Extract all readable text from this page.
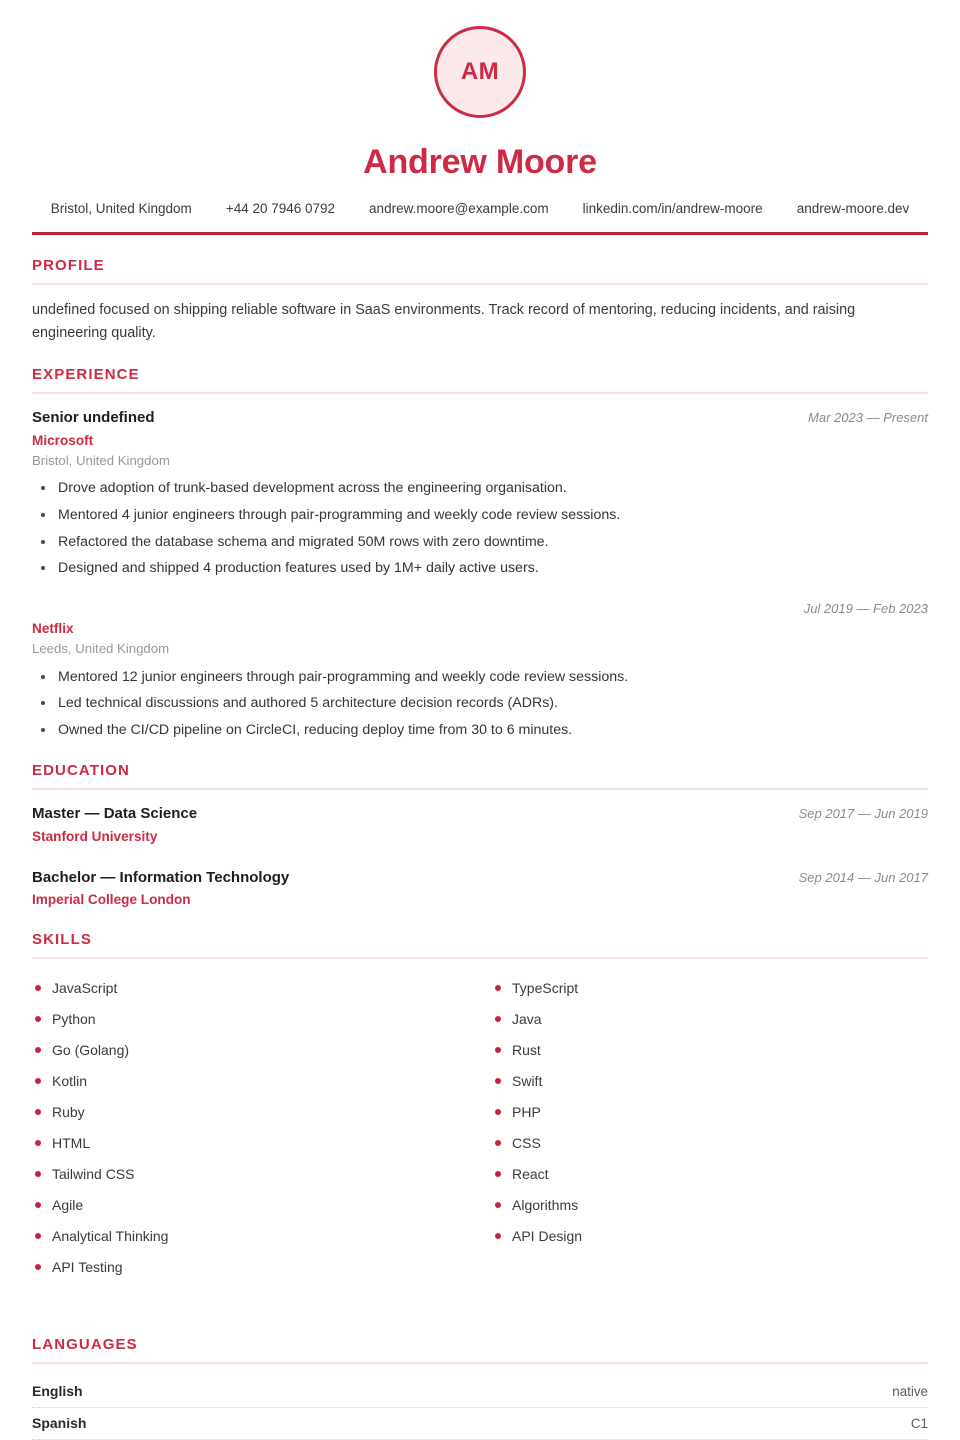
AM
Andrew Moore
Bristol, United Kingdom	+44 20 7946 0792	andrew.moore@example.com	linkedin.com/in/andrew-moore	andrew-moore.dev
PROFILE

undefined focused on shipping reliable software in SaaS environments. Track record of mentoring, reducing incidents, and raising engineering quality.

EXPERIENCE
Senior undefined	Mar 2023 — Present
Microsoft
Bristol, United Kingdom
Drove adoption of trunk-based development across the engineering organisation.
Mentored 4 junior engineers through pair-programming and weekly code review sessions.
Refactored the database schema and migrated 50M rows with zero downtime.
Designed and shipped 4 production features used by 1M+ daily active users.
Jul 2019 — Feb 2023
Netflix
Leeds, United Kingdom
Mentored 12 junior engineers through pair-programming and weekly code review sessions.
Led technical discussions and authored 5 architecture decision records (ADRs).
Owned the CI/CD pipeline on CircleCI, reducing deploy time from 30 to 6 minutes.
EDUCATION
Master — Data Science	Sep 2017 — Jun 2019
Stanford University
Bachelor — Information Technology	Sep 2014 — Jun 2017
Imperial College London
SKILLS
JavaScript
Python
Go (Golang)
Kotlin
Ruby
HTML
Tailwind CSS
Agile
Analytical Thinking
API Testing
TypeScript
Java
Rust
Swift
PHP
CSS
React
Algorithms
API Design
LANGUAGES
English	native
Spanish	C1
